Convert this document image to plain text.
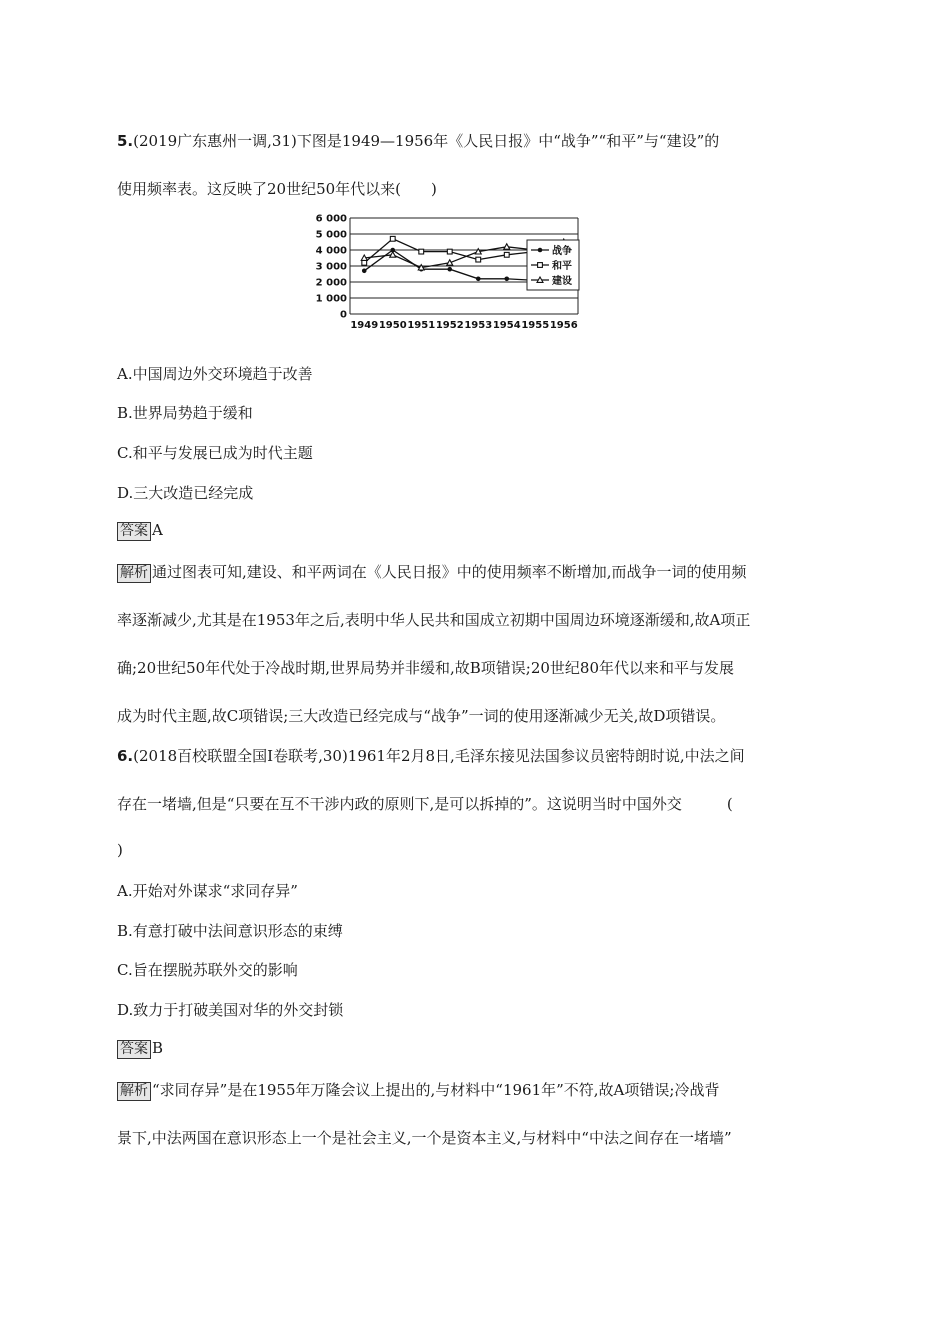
5.(2019广东惠州一调,31)下图是1949—1956年《人民日报》中“战争”“和平”与“建设”的
使用频率表。这反映了20世纪50年代以来(　　)
0
1 000
2 000
3 000
4 000
5 000
6 000
1949 1950 1951 1952 1953 1954 1955 1956
战争
和平
建设
A.中国周边外交环境趋于改善
B.世界局势趋于缓和
C.和平与发展已成为时代主题
D.三大改造已经完成
答案 A
解析 通过图表可知,建设、和平两词在《人民日报》中的使用频率不断增加,而战争一词的使用频
率逐渐减少,尤其是在1953年之后,表明中华人民共和国成立初期中国周边环境逐渐缓和,故A项正
确;20世纪50年代处于冷战时期,世界局势并非缓和,故B项错误;20世纪80年代以来和平与发展
成为时代主题,故C项错误;三大改造已经完成与“战争”一词的使用逐渐减少无关,故D项错误。
6.(2018百校联盟全国Ⅰ卷联考,30)1961年2月8日,毛泽东接见法国参议员密特朗时说,中法之间
存在一堵墙,但是“只要在互不干涉内政的原则下,是可以拆掉的”。这说明当时中国外交　　　(
)
A.开始对外谋求“求同存异”
B.有意打破中法间意识形态的束缚
C.旨在摆脱苏联外交的影响
D.致力于打破美国对华的外交封锁
答案 B
解析 “求同存异”是在1955年万隆会议上提出的,与材料中“1961年”不符,故A项错误;冷战背
景下,中法两国在意识形态上一个是社会主义,一个是资本主义,与材料中“中法之间存在一堵墙”
